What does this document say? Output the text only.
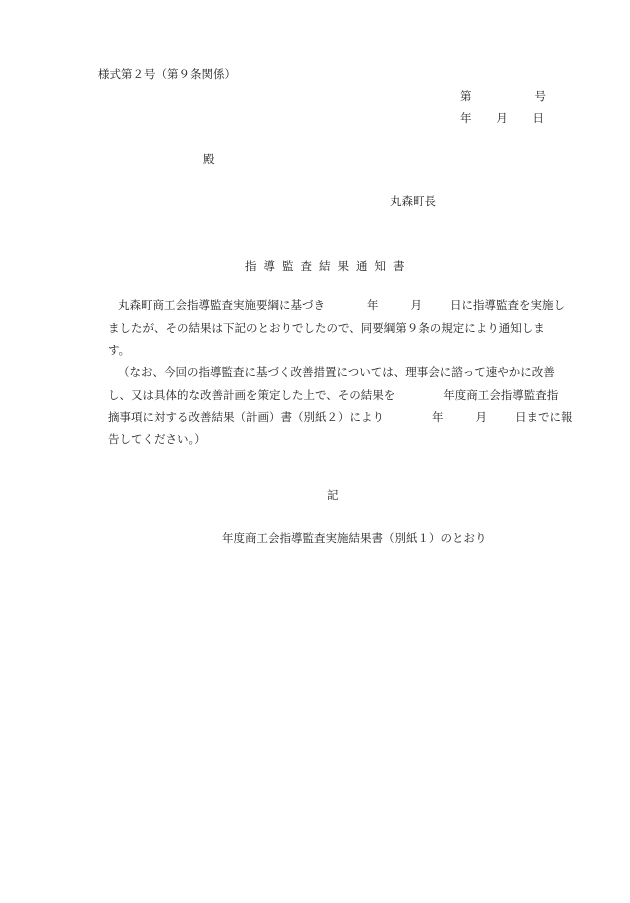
様式第２号（第９条関係）
第	号
年 月 日
殿
丸森町長
指導監査結果通知書
丸森町商工会指導監査実施要綱に基づき	年	月 日に指導監査を実施し
ましたが、その結果は下記のとおりでしたので、同要綱第９条の規定により通知しま
す。
（なお、今回の指導監査に基づく改善措置については、理事会に諮って速やかに改善
し、又は具体的な改善計画を策定した上で、その結果を	年度商工会指導監査指
摘事項に対する改善結果（計画）書（別紙２）により	年	月 日までに報
告してください。）
記
年度商工会指導監査実施結果書（別紙１）のとおり
